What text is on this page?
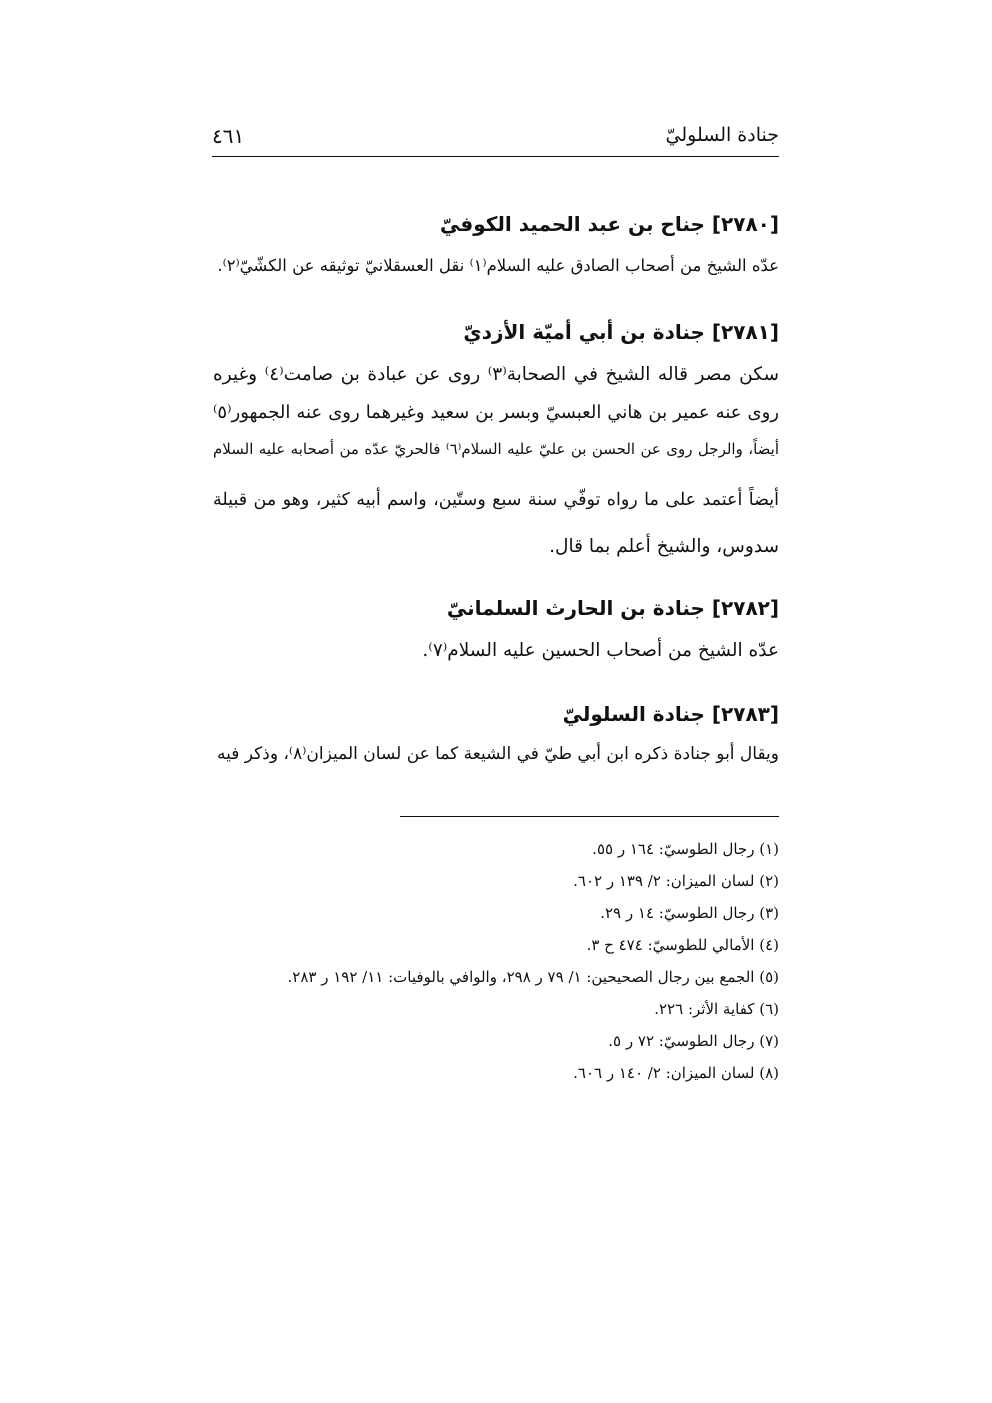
جنادة السلوليّ
٤٦١
[٢٧٨٠] جناح بن عبد الحميد الكوفيّ
عدّه الشيخ من أصحاب الصادق عليه السلام⁽١⁾ نقل العسقلانيّ توثيقه عن الكشّيّ⁽٢⁾.
[٢٧٨١] جنادة بن أبي أميّة الأزديّ
سكن مصر قاله الشيخ في الصحابة⁽٣⁾ روى عن عبادة بن صامت⁽٤⁾ وغيره
روى عنه عمير بن هاني العبسيّ وبسر بن سعيد وغيرهما روى عنه الجمهور⁽٥⁾
أيضاً، والرجل روى عن الحسن بن عليّ عليه السلام⁽٦⁾ فالحريّ عدّه من أصحابه عليه السلام
أيضاً أعتمد على ما رواه توفّي سنة سبع وستّين، واسم أبيه كثير، وهو من قبيلة
سدوس، والشيخ أعلم بما قال.
[٢٧٨٢] جنادة بن الحارث السلمانيّ
عدّه الشيخ من أصحاب الحسين عليه السلام⁽٧⁾.
[٢٧٨٣] جنادة السلوليّ
ويقال أبو جنادة ذكره ابن أبي طيّ في الشيعة كما عن لسان الميزان⁽٨⁾، وذكر فيه
(١) رجال الطوسيّ: ١٦٤ ر ٥٥.
(٢) لسان الميزان: ٢/ ١٣٩ ر ٦٠٢.
(٣) رجال الطوسيّ: ١٤ ر ٢٩.
(٤) الأمالي للطوسيّ: ٤٧٤ ح ٣.
(٥) الجمع بين رجال الصحيحين: ١/ ٧٩ ر ٢٩٨، والوافي بالوفيات: ١١/ ١٩٢ ر ٢٨٣.
(٦) كفاية الأثر: ٢٢٦.
(٧) رجال الطوسيّ: ٧٢ ر ٥.
(٨) لسان الميزان: ٢/ ١٤٠ ر ٦٠٦.
